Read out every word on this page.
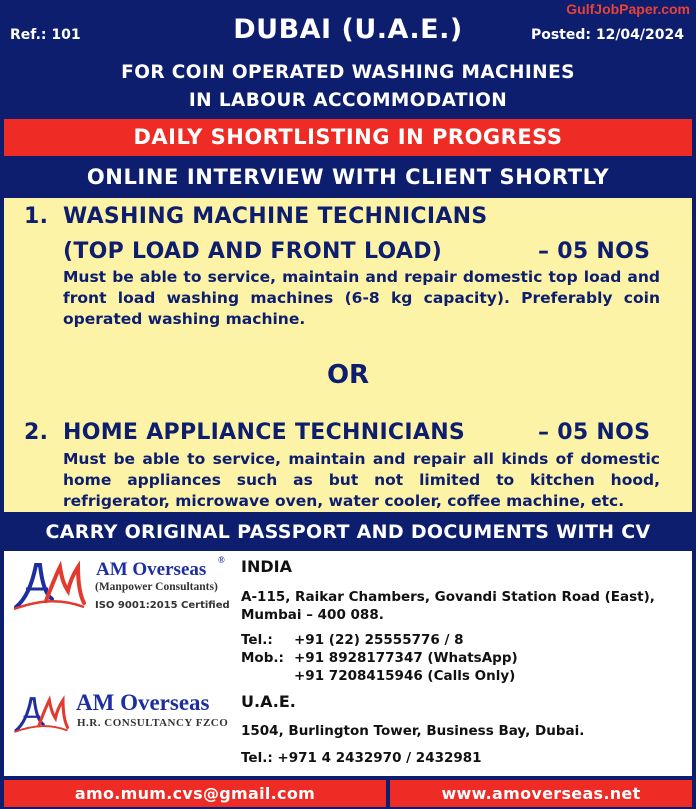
GulfJobPaper.com
Ref.: 101	DUBAI (U.A.E.)	Posted: 12/04/2024
FOR COIN OPERATED WASHING MACHINES
IN LABOUR ACCOMMODATION
DAILY SHORTLISTING IN PROGRESS
ONLINE INTERVIEW WITH CLIENT SHORTLY
1. WASHING MACHINE TECHNICIANS
(TOP LOAD AND FRONT LOAD)	– 05 NOS
Must be able to service, maintain and repair domestic top load and front load washing machines (6-8 kg capacity). Preferably coin operated washing machine.
OR
2. HOME APPLIANCE TECHNICIANS	– 05 NOS
Must be able to service, maintain and repair all kinds of domestic home appliances such as but not limited to kitchen hood, refrigerator, microwave oven, water cooler, coffee machine, etc.
CARRY ORIGINAL PASSPORT AND DOCUMENTS WITH CV
AM Overseas ®
(Manpower Consultants)
ISO 9001:2015 Certified
INDIA
A-115, Raikar Chambers, Govandi Station Road (East),
Mumbai – 400 088.
Tel.: +91 (22) 25555776 / 8
Mob.: +91 8928177347 (WhatsApp)
+91 7208415946 (Calls Only)
AM Overseas
H.R. CONSULTANCY FZCO
U.A.E.
1504, Burlington Tower, Business Bay, Dubai.
Tel.: +971 4 2432970 / 2432981
amo.mum.cvs@gmail.com	www.amoverseas.net
